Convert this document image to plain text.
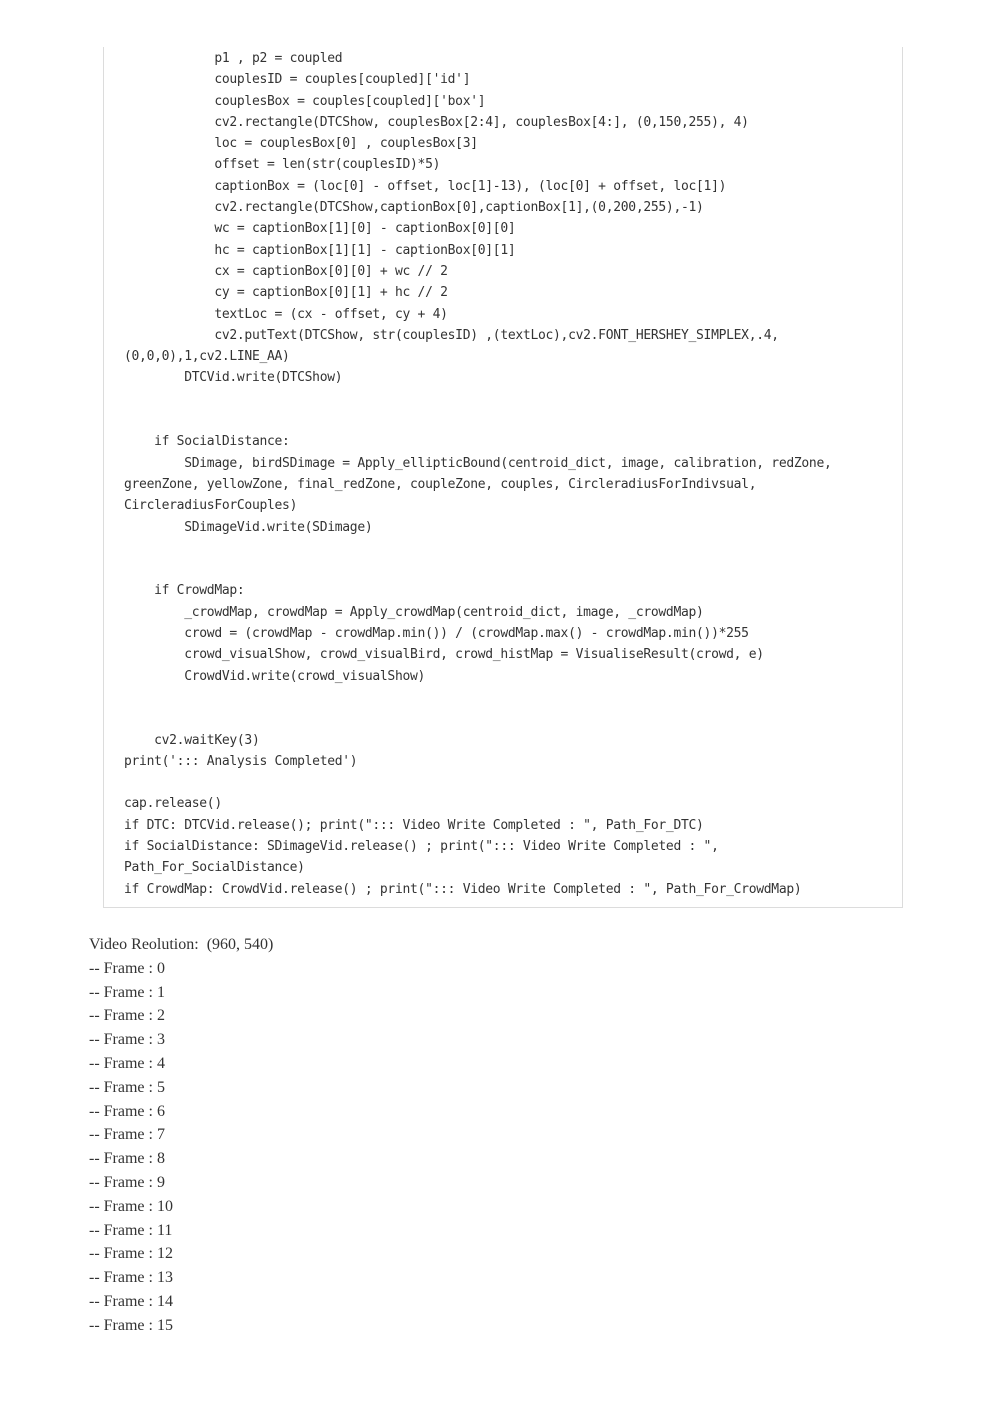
p1 , p2 = coupled
couplesID = couples[coupled]['id']
couplesBox = couples[coupled]['box']
cv2.rectangle(DTCShow, couplesBox[2:4], couplesBox[4:], (0,150,255), 4)
loc = couplesBox[0] , couplesBox[3]
offset = len(str(couplesID)*5)
captionBox = (loc[0] - offset, loc[1]-13), (loc[0] + offset, loc[1])
cv2.rectangle(DTCShow,captionBox[0],captionBox[1],(0,200,255),-1)
wc = captionBox[1][0] - captionBox[0][0]
hc = captionBox[1][1] - captionBox[0][1]
cx = captionBox[0][0] + wc // 2
cy = captionBox[0][1] + hc // 2
textLoc = (cx - offset, cy + 4)
cv2.putText(DTCShow, str(couplesID) ,(textLoc),cv2.FONT_HERSHEY_SIMPLEX,.4,
(0,0,0),1,cv2.LINE_AA)
DTCVid.write(DTCShow)
if SocialDistance:
SDimage, birdSDimage = Apply_ellipticBound(centroid_dict, image, calibration, redZone,
greenZone, yellowZone, final_redZone, coupleZone, couples, CircleradiusForIndivsual,
CircleradiusForCouples)
SDimageVid.write(SDimage)
if CrowdMap:
_crowdMap, crowdMap = Apply_crowdMap(centroid_dict, image, _crowdMap)
crowd = (crowdMap - crowdMap.min()) / (crowdMap.max() - crowdMap.min())*255
crowd_visualShow, crowd_visualBird, crowd_histMap = VisualiseResult(crowd, e)
CrowdVid.write(crowd_visualShow)
cv2.waitKey(3)
print('::: Analysis Completed')
cap.release()
if DTC: DTCVid.release(); print("::: Video Write Completed : ", Path_For_DTC)
if SocialDistance: SDimageVid.release() ; print("::: Video Write Completed : ",
Path_For_SocialDistance)
if CrowdMap: CrowdVid.release() ; print("::: Video Write Completed : ", Path_For_CrowdMap)
Video Reolution:  (960, 540)
-- Frame : 0
-- Frame : 1
-- Frame : 2
-- Frame : 3
-- Frame : 4
-- Frame : 5
-- Frame : 6
-- Frame : 7
-- Frame : 8
-- Frame : 9
-- Frame : 10
-- Frame : 11
-- Frame : 12
-- Frame : 13
-- Frame : 14
-- Frame : 15
